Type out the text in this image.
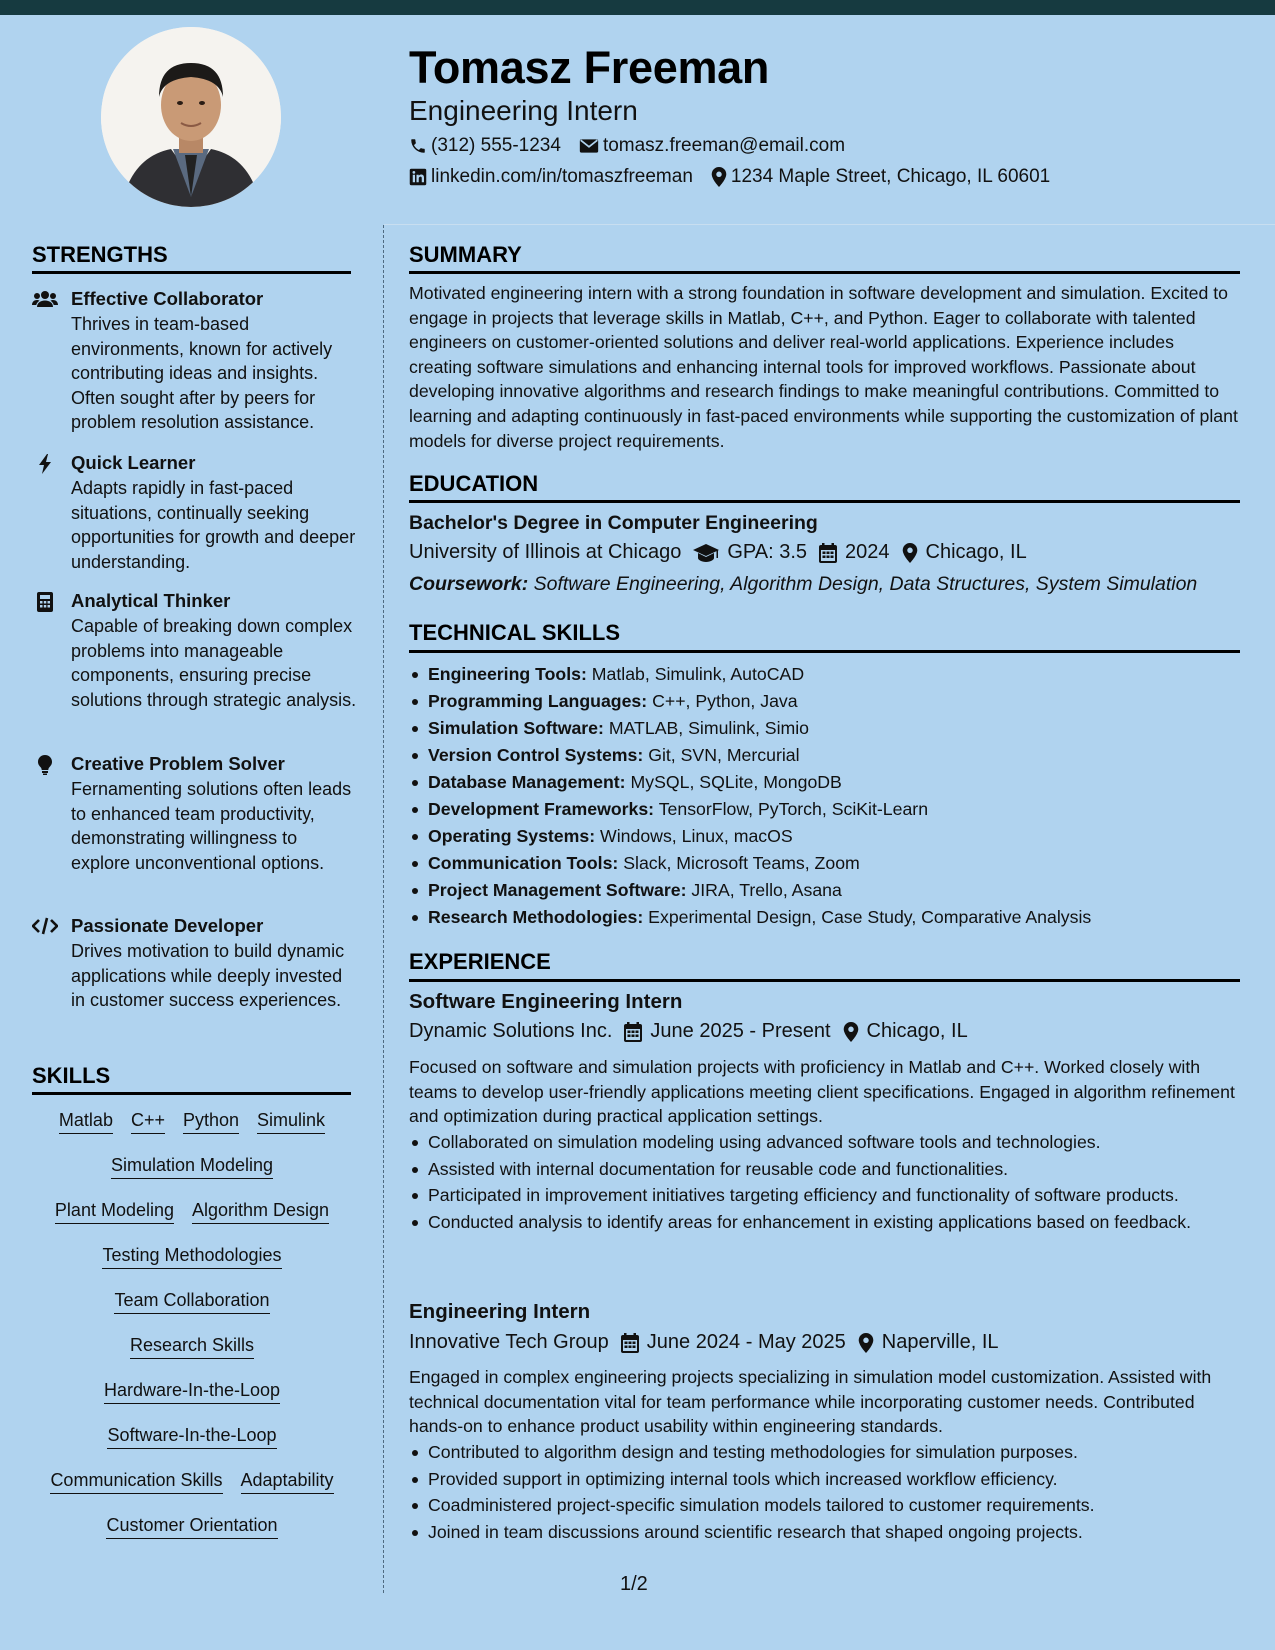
Tomasz Freeman
Engineering Intern
(312) 555-1234 tomasz.freeman@email.com
linkedin.com/in/tomaszfreeman 1234 Maple Street, Chicago, IL 60601
STRENGTHS
Effective Collaborator
Thrives in team-based environments, known for actively contributing ideas and insights. Often sought after by peers for problem resolution assistance.
Quick Learner
Adapts rapidly in fast-paced situations, continually seeking opportunities for growth and deeper understanding.
Analytical Thinker
Capable of breaking down complex problems into manageable components, ensuring precise solutions through strategic analysis.
Creative Problem Solver
Fernamenting solutions often leads to enhanced team productivity, demonstrating willingness to explore unconventional options.
Passionate Developer
Drives motivation to build dynamic applications while deeply invested in customer success experiences.
SKILLS
Matlab C++ Python Simulink
Simulation Modeling
Plant Modeling Algorithm Design
Testing Methodologies
Team Collaboration
Research Skills
Hardware-In-the-Loop
Software-In-the-Loop
Communication Skills Adaptability
Customer Orientation
SUMMARY
Motivated engineering intern with a strong foundation in software development and simulation. Excited to engage in projects that leverage skills in Matlab, C++, and Python. Eager to collaborate with talented engineers on customer-oriented solutions and deliver real-world applications. Experience includes creating software simulations and enhancing internal tools for improved workflows. Passionate about developing innovative algorithms and research findings to make meaningful contributions. Committed to learning and adapting continuously in fast-paced environments while supporting the customization of plant models for diverse project requirements.
EDUCATION
Bachelor's Degree in Computer Engineering
University of Illinois at Chicago GPA: 3.5 2024 Chicago, IL
Coursework: Software Engineering, Algorithm Design, Data Structures, System Simulation
TECHNICAL SKILLS
Engineering Tools: Matlab, Simulink, AutoCAD
Programming Languages: C++, Python, Java
Simulation Software: MATLAB, Simulink, Simio
Version Control Systems: Git, SVN, Mercurial
Database Management: MySQL, SQLite, MongoDB
Development Frameworks: TensorFlow, PyTorch, SciKit-Learn
Operating Systems: Windows, Linux, macOS
Communication Tools: Slack, Microsoft Teams, Zoom
Project Management Software: JIRA, Trello, Asana
Research Methodologies: Experimental Design, Case Study, Comparative Analysis
EXPERIENCE
Software Engineering Intern
Dynamic Solutions Inc. June 2025 - Present Chicago, IL
Focused on software and simulation projects with proficiency in Matlab and C++. Worked closely with teams to develop user-friendly applications meeting client specifications. Engaged in algorithm refinement and optimization during practical application settings.
Collaborated on simulation modeling using advanced software tools and technologies.
Assisted with internal documentation for reusable code and functionalities.
Participated in improvement initiatives targeting efficiency and functionality of software products.
Conducted analysis to identify areas for enhancement in existing applications based on feedback.
Engineering Intern
Innovative Tech Group June 2024 - May 2025 Naperville, IL
Engaged in complex engineering projects specializing in simulation model customization. Assisted with technical documentation vital for team performance while incorporating customer needs. Contributed hands-on to enhance product usability within engineering standards.
Contributed to algorithm design and testing methodologies for simulation purposes.
Provided support in optimizing internal tools which increased workflow efficiency.
Coadministered project-specific simulation models tailored to customer requirements.
Joined in team discussions around scientific research that shaped ongoing projects.
1/2
